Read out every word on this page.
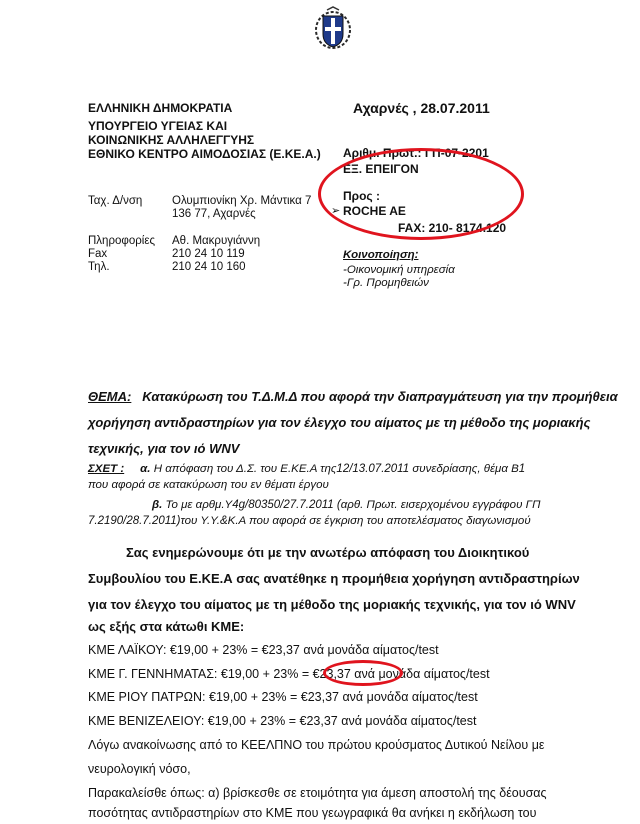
ΕΛΛΗΝΙΚΗ ΔΗΜΟΚΡΑΤΙΑ
ΥΠΟΥΡΓΕΙΟ ΥΓΕΙΑΣ ΚΑΙ
ΚΟΙΝΩΝΙΚΗΣ ΑΛΛΗΛΕΓΓΥΗΣ
ΕΘΝΙΚΟ ΚΕΝΤΡΟ ΑΙΜΟΔΟΣΙΑΣ (Ε.ΚΕ.Α.)
Αχαρνές , 28.07.2011
Αριθμ. Πρωτ.: ΓΠ-07-2201
ΕΞ. ΕΠΕΙΓΟΝ
Ταχ. Δ/νση	Ολυμπιονίκη Χρ. Μάντικα 7
136 77, Αχαρνές
Πληροφορίες Αθ. Μακρυγιάννη
Fax	210 24 10 119
Τηλ.	210 24 10 160
Προς :
➢ ROCHE AE
FAX: 210- 8174.120
Κοινοποίηση:
-Οικονομική υπηρεσία
-Γρ. Προμηθειών
ΘΕΜΑ: Κατακύρωση του Τ.Δ.Μ.Δ που αφορά την διαπραγμάτευση για την προμήθεια χορήγηση αντιδραστηρίων για τον έλεγχο του αίματος με τη μέθοδο της μοριακής τεχνικής, για τον ιό WNV
ΣΧΕΤ : α. Η απόφαση του Δ.Σ. του Ε.ΚΕ.Α της12/13.07.2011 συνεδρίασης, θέμα Β1
που αφορά σε κατακύρωση του εν θέματι έργου
β. Το με αρθμ.Υ4g/80350/27.7.2011 (αρθ. Πρωτ. εισερχομένου εγγράφου ΓΠ
7.2190/28.7.2011)του Υ.Υ.&Κ.Α που αφορά σε έγκριση του αποτελέσματος διαγωνισμού
Σας ενημερώνουμε ότι με την ανωτέρω απόφαση του Διοικητικού
Συμβουλίου του Ε.ΚΕ.Α σας ανατέθηκε η προμήθεια χορήγηση αντιδραστηρίων
για τον έλεγχο του αίματος με τη μέθοδο της μοριακής τεχνικής, για τον ιό WNV
ως εξής στα κάτωθι ΚΜΕ:
ΚΜΕ ΛΑΪΚΟΥ: €19,00 + 23% = €23,37 ανά μονάδα αίματος/test
ΚΜΕ Γ. ΓΕΝΝΗΜΑΤΑΣ: €19,00 + 23% = €23,37 ανά μονάδα αίματος/test
ΚΜΕ ΡΙΟΥ ΠΑΤΡΩΝ: €19,00 + 23% = €23,37 ανά μονάδα αίματος/test
ΚΜΕ ΒΕΝΙΖΕΛΕΙΟΥ: €19,00 + 23% = €23,37 ανά μονάδα αίματος/test
Λόγω ανακοίνωσης από το ΚΕΕΛΠΝΟ του πρώτου κρούσματος Δυτικού Νείλου με
νευρολογική νόσο,
Παρακαλείσθε όπως: α) βρίσκεσθε σε ετοιμότητα για άμεση αποστολή της δέουσας
ποσότητας αντιδραστηρίων στο ΚΜΕ που γεωγραφικά θα ανήκει η εκδήλωση του
